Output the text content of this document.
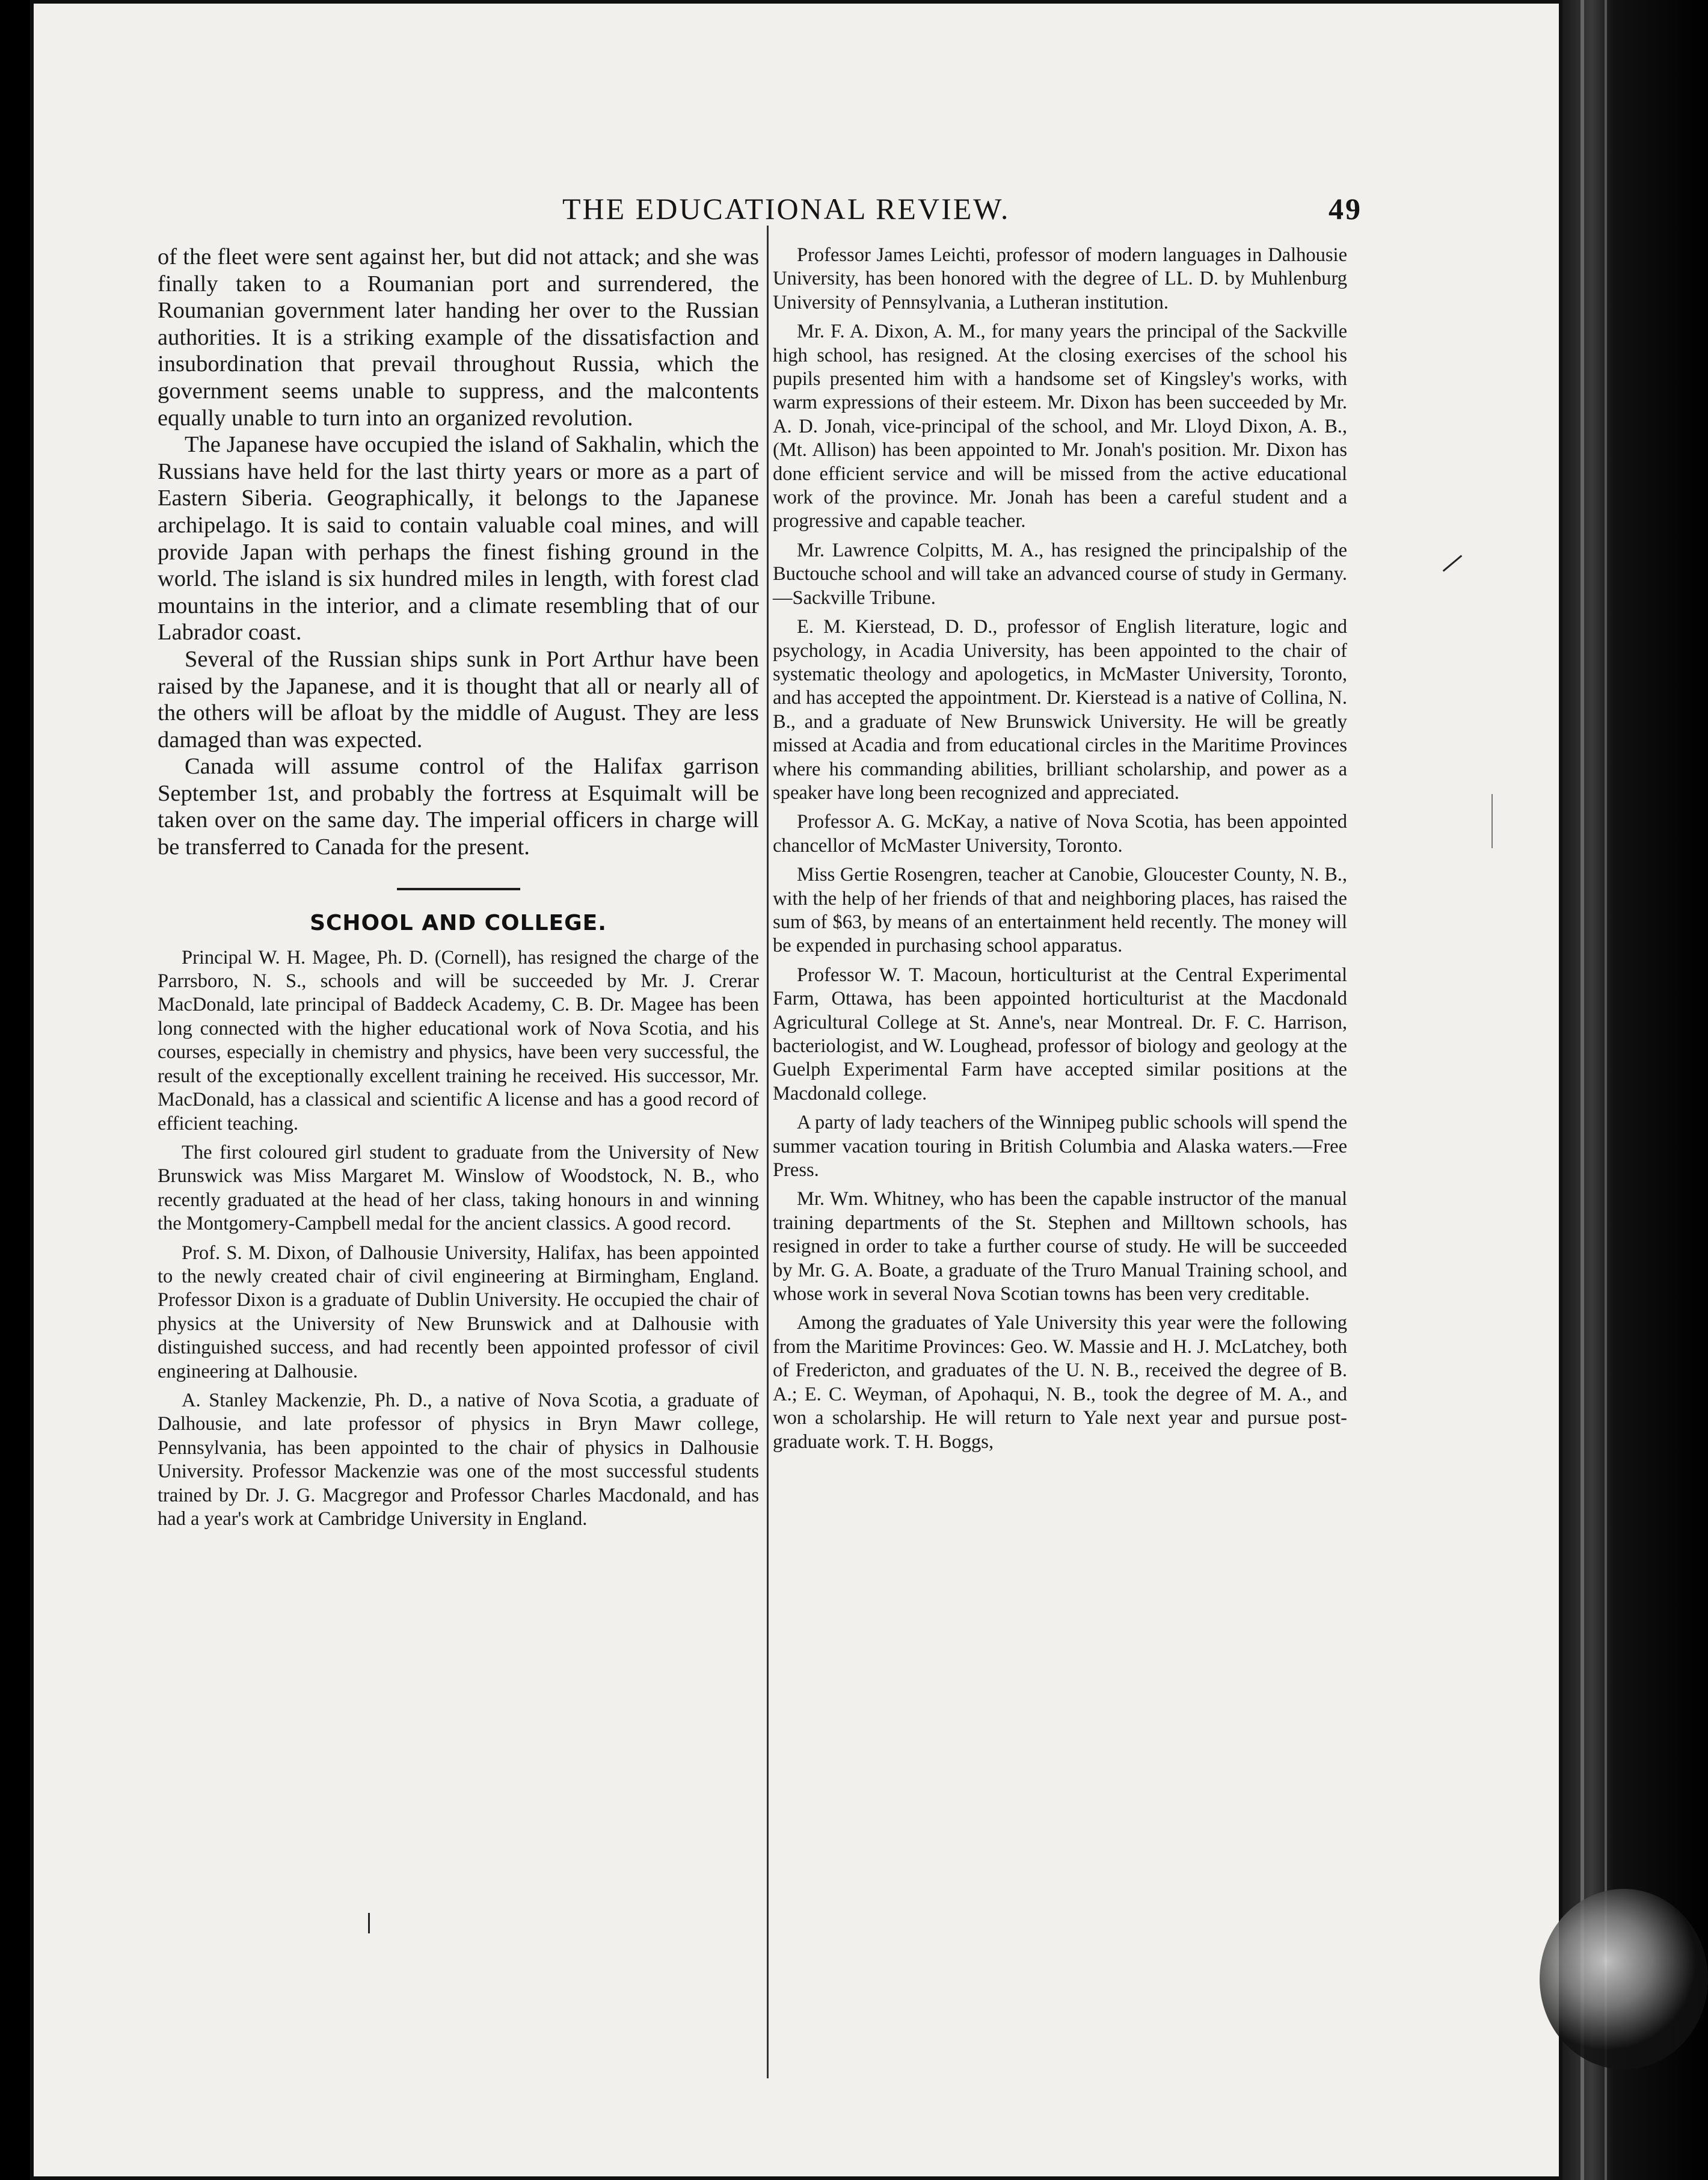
THE EDUCATIONAL REVIEW.	49

of the fleet were sent against her, but did not attack; and she was finally taken to a Roumanian port and surrendered, the Roumanian government later handing her over to the Russian authorities. It is a striking example of the dissatisfaction and insubordination that prevail throughout Russia, which the government seems unable to suppress, and the malcontents equally unable to turn into an organized revolution.

The Japanese have occupied the island of Sakhalin, which the Russians have held for the last thirty years or more as a part of Eastern Siberia. Geographically, it belongs to the Japanese archipelago. It is said to contain valuable coal mines, and will provide Japan with perhaps the finest fishing ground in the world. The island is six hundred miles in length, with forest clad mountains in the interior, and a climate resembling that of our Labrador coast.

Several of the Russian ships sunk in Port Arthur have been raised by the Japanese, and it is thought that all or nearly all of the others will be afloat by the middle of August. They are less damaged than was expected.

Canada will assume control of the Halifax garrison September 1st, and probably the fortress at Esquimalt will be taken over on the same day. The imperial officers in charge will be transferred to Canada for the present.

SCHOOL AND COLLEGE.

Principal W. H. Magee, Ph. D. (Cornell), has resigned the charge of the Parrsboro, N. S., schools and will be succeeded by Mr. J. Crerar MacDonald, late principal of Baddeck Academy, C. B. Dr. Magee has been long connected with the higher educational work of Nova Scotia, and his courses, especially in chemistry and physics, have been very successful, the result of the exceptionally excellent training he received. His successor, Mr. MacDonald, has a classical and scientific A license and has a good record of efficient teaching.

The first coloured girl student to graduate from the University of New Brunswick was Miss Margaret M. Winslow of Woodstock, N. B., who recently graduated at the head of her class, taking honours in and winning the Montgomery-Campbell medal for the ancient classics. A good record.

Prof. S. M. Dixon, of Dalhousie University, Halifax, has been appointed to the newly created chair of civil engineering at Birmingham, England. Professor Dixon is a graduate of Dublin University. He occupied the chair of physics at the University of New Brunswick and at Dalhousie with distinguished success, and had recently been appointed professor of civil engineering at Dalhousie.

A. Stanley Mackenzie, Ph. D., a native of Nova Scotia, a graduate of Dalhousie, and late professor of physics in Bryn Mawr college, Pennsylvania, has been appointed to the chair of physics in Dalhousie University. Professor Mackenzie was one of the most successful students trained by Dr. J. G. Macgregor and Professor Charles Macdonald, and has had a year's work at Cambridge University in England.

Professor James Leichti, professor of modern languages in Dalhousie University, has been honored with the degree of LL. D. by Muhlenburg University of Pennsylvania, a Lutheran institution.

Mr. F. A. Dixon, A. M., for many years the principal of the Sackville high school, has resigned. At the closing exercises of the school his pupils presented him with a handsome set of Kingsley's works, with warm expressions of their esteem. Mr. Dixon has been succeeded by Mr. A. D. Jonah, vice-principal of the school, and Mr. Lloyd Dixon, A. B., (Mt. Allison) has been appointed to Mr. Jonah's position. Mr. Dixon has done efficient service and will be missed from the active educational work of the province. Mr. Jonah has been a careful student and a progressive and capable teacher.

Mr. Lawrence Colpitts, M. A., has resigned the principalship of the Buctouche school and will take an advanced course of study in Germany.—Sackville Tribune.

E. M. Kierstead, D. D., professor of English literature, logic and psychology, in Acadia University, has been appointed to the chair of systematic theology and apologetics, in McMaster University, Toronto, and has accepted the appointment. Dr. Kierstead is a native of Collina, N. B., and a graduate of New Brunswick University. He will be greatly missed at Acadia and from educational circles in the Maritime Provinces where his commanding abilities, brilliant scholarship, and power as a speaker have long been recognized and appreciated.

Professor A. G. McKay, a native of Nova Scotia, has been appointed chancellor of McMaster University, Toronto.

Miss Gertie Rosengren, teacher at Canobie, Gloucester County, N. B., with the help of her friends of that and neighboring places, has raised the sum of $63, by means of an entertainment held recently. The money will be expended in purchasing school apparatus.

Professor W. T. Macoun, horticulturist at the Central Experimental Farm, Ottawa, has been appointed horticulturist at the Macdonald Agricultural College at St. Anne's, near Montreal. Dr. F. C. Harrison, bacteriologist, and W. Loughead, professor of biology and geology at the Guelph Experimental Farm have accepted similar positions at the Macdonald college.

A party of lady teachers of the Winnipeg public schools will spend the summer vacation touring in British Columbia and Alaska waters.—Free Press.

Mr. Wm. Whitney, who has been the capable instructor of the manual training departments of the St. Stephen and Milltown schools, has resigned in order to take a further course of study. He will be succeeded by Mr. G. A. Boate, a graduate of the Truro Manual Training school, and whose work in several Nova Scotian towns has been very creditable.

Among the graduates of Yale University this year were the following from the Maritime Provinces: Geo. W. Massie and H. J. McLatchey, both of Fredericton, and graduates of the U. N. B., received the degree of B. A.; E. C. Weyman, of Apohaqui, N. B., took the degree of M. A., and won a scholarship. He will return to Yale next year and pursue post-graduate work. T. H. Boggs,
